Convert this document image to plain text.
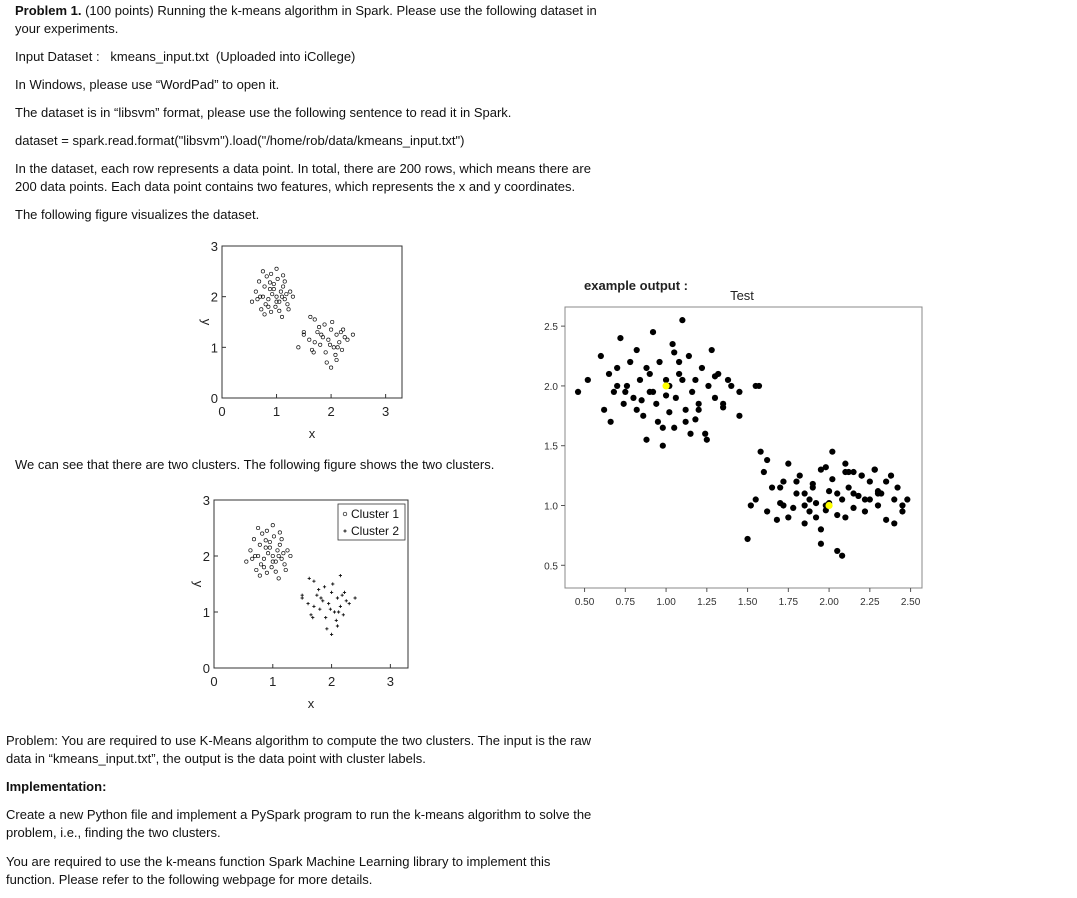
Problem 1. (100 points) Running the k-means algorithm in Spark. Please use the following dataset in

your experiments.

Input Dataset : kmeans_input.txt  (Uploaded into iCollege)

In Windows, please use “WordPad” to open it.

The dataset is in “libsvm” format, please use the following sentence to read it in Spark.

dataset = spark.read.format("libsvm").load("/home/rob/data/kmeans_input.txt")

In the dataset, each row represents a data point. In total, there are 200 rows, which means there are

200 data points. Each data point contains two features, which represents the x and y coordinates.

The following figure visualizes the dataset.

We can see that there are two clusters. The following figure shows the two clusters.

Problem: You are required to use K-Means algorithm to compute the two clusters. The input is the raw

data in “kmeans_input.txt”, the output is the data point with cluster labels.

Implementation:

Create a new Python file and implement a PySpark program to run the k-means algorithm to solve the

problem, i.e., finding the two clusters.

You are required to use the k-means function Spark Machine Learning library to implement this

function. Please refer to the following webpage for more details.

0	1	2	3
0
1
2
3
x
y
0	1	2	3
0
1
2
3
x
y
Cluster 1
Cluster 2
example output :
Test
0.50 0.75 1.00 1.25 1.50 1.75 2.00 2.25 2.50
0.5
1.0
1.5
2.0
2.5
